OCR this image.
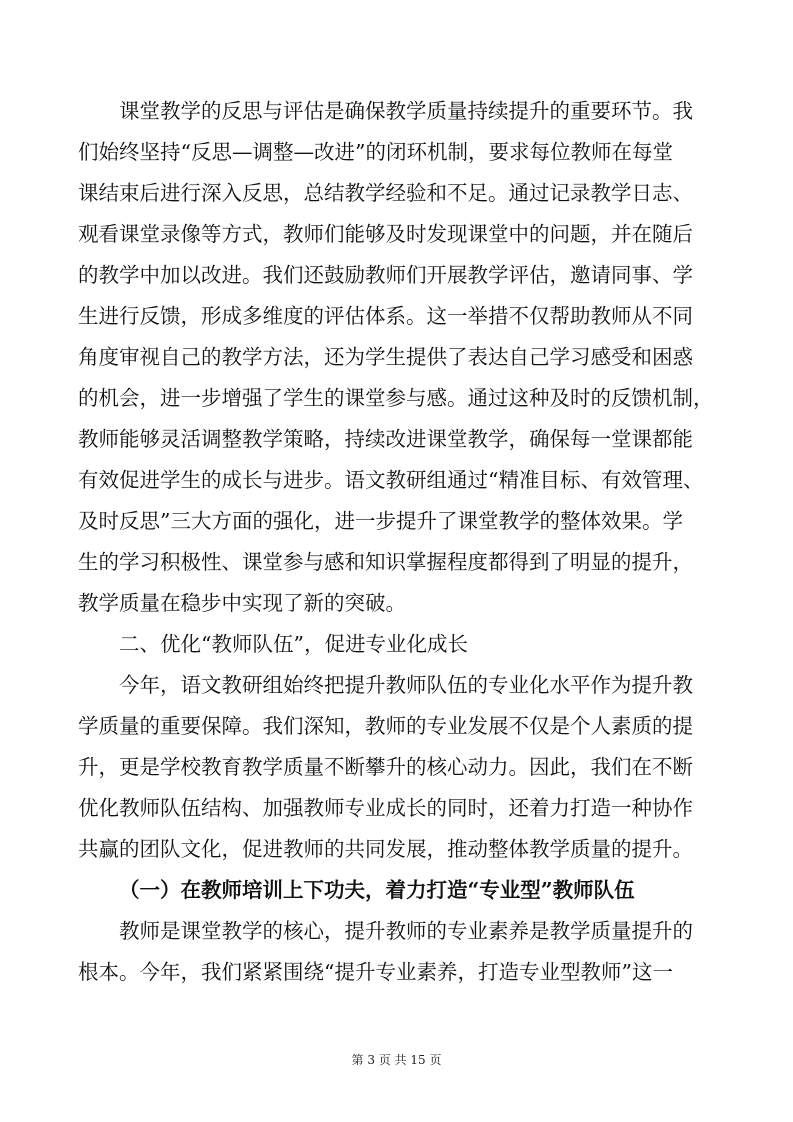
课堂教学的反思与评估是确保教学质量持续提升的重要环节。我
们始终坚持“反思—调整—改进”的闭环机制，要求每位教师在每堂
课结束后进行深入反思，总结教学经验和不足。通过记录教学日志、
观看课堂录像等方式，教师们能够及时发现课堂中的问题，并在随后
的教学中加以改进。我们还鼓励教师们开展教学评估，邀请同事、学
生进行反馈，形成多维度的评估体系。这一举措不仅帮助教师从不同
角度审视自己的教学方法，还为学生提供了表达自己学习感受和困惑
的机会，进一步增强了学生的课堂参与感。通过这种及时的反馈机制，
教师能够灵活调整教学策略，持续改进课堂教学，确保每一堂课都能
有效促进学生的成长与进步。语文教研组通过“精准目标、有效管理、
及时反思”三大方面的强化，进一步提升了课堂教学的整体效果。学
生的学习积极性、课堂参与感和知识掌握程度都得到了明显的提升，
教学质量在稳步中实现了新的突破。
二、优化“教师队伍”，促进专业化成长
今年，语文教研组始终把提升教师队伍的专业化水平作为提升教
学质量的重要保障。我们深知，教师的专业发展不仅是个人素质的提
升，更是学校教育教学质量不断攀升的核心动力。因此，我们在不断
优化教师队伍结构、加强教师专业成长的同时，还着力打造一种协作
共赢的团队文化，促进教师的共同发展，推动整体教学质量的提升。
（一）在教师培训上下功夫，着力打造“专业型”教师队伍
教师是课堂教学的核心，提升教师的专业素养是教学质量提升的
根本。今年，我们紧紧围绕“提升专业素养，打造专业型教师”这一
第 3 页 共 15 页
